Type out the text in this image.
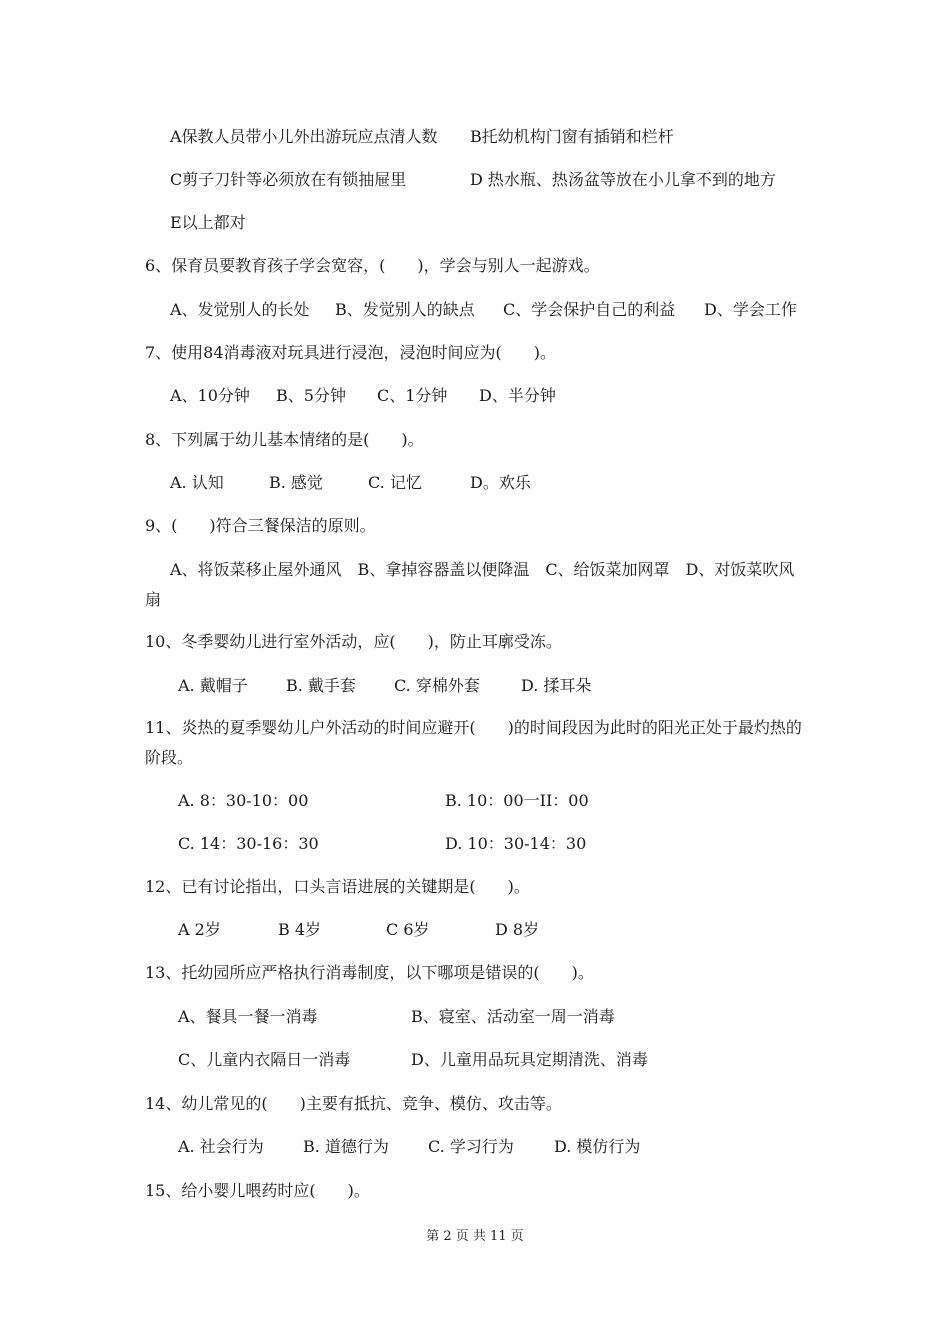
A保教人员带小儿外出游玩应点清人数 B托幼机构门窗有插销和栏杆
C剪子刀针等必须放在有锁抽屉里	D 热水瓶、热汤盆等放在小儿拿不到的地方
E以上都对
6、保育员要教育孩子学会宽容，(　　)，学会与别人一起游戏。
A、发觉别人的长处 B、发觉别人的缺点 C、学会保护自己的利益 D、学会工作
7、使用84消毒液对玩具进行浸泡，浸泡时间应为(　　)。
A、10分钟 B、5分钟 C、1分钟 D、半分钟
8、下列属于幼儿基本情绪的是(　　)。
A. 认知	B. 感觉	C. 记忆	D。欢乐
9、(　　)符合三餐保洁的原则。
A、将饭菜移止屋外通风　B、拿掉容器盖以便降温　C、给饭菜加网罩　D、对饭菜吹风扇
10、冬季婴幼儿进行室外活动，应(　　)，防止耳廓受冻。
A. 戴帽子 B. 戴手套 C. 穿棉外套	D. 揉耳朵
11、炎热的夏季婴幼儿户外活动的时间应避开(　　)的时间段因为此时的阳光正处于最灼热的阶段。
A. 8：30-10：00	B. 10：00一II：00
C. 14：30-16：30	D. 10：30-14：30
12、已有讨论指出，口头言语进展的关键期是(　　)。
A 2岁	B 4岁	C 6岁	D 8岁
13、托幼园所应严格执行消毒制度，以下哪项是错误的(　　)。
A、餐具一餐一消毒	B、寝室、活动室一周一消毒
C、儿童内衣隔日一消毒	D、儿童用品玩具定期清洗、消毒
14、幼儿常见的(　　)主要有抵抗、竞争、模仿、攻击等。
A. 社会行为 B. 道德行为 C. 学习行为	D. 模仿行为
15、给小婴儿喂药时应(　　)。
第 2 页 共 11 页
